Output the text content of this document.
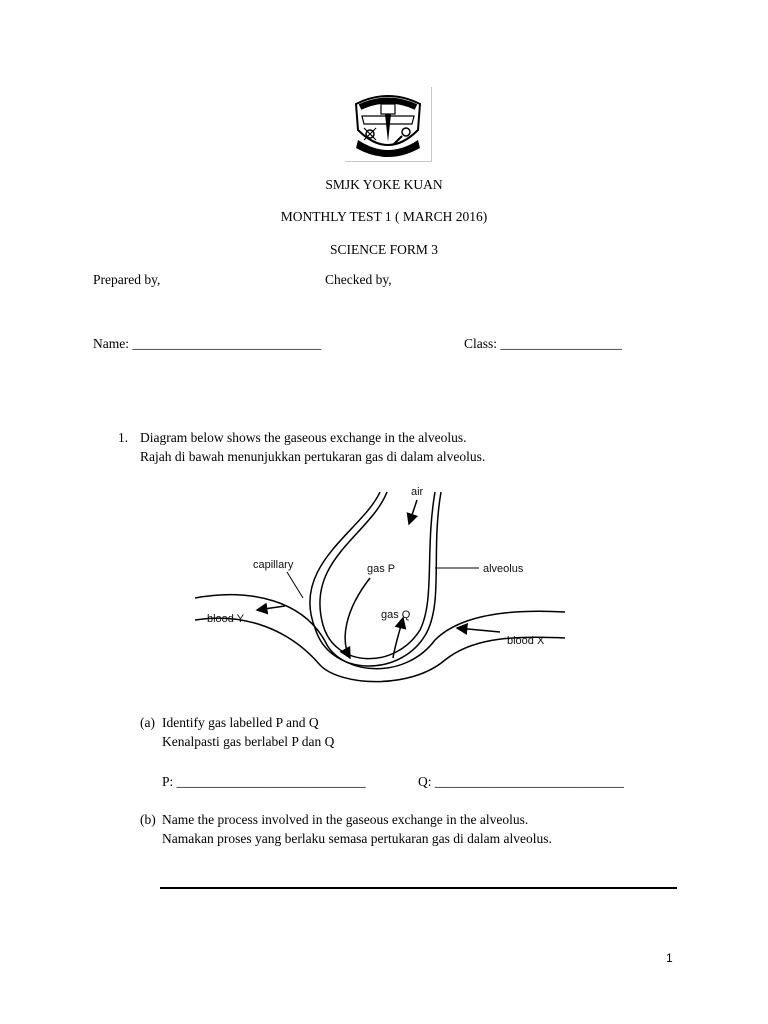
SMJK YOKE KUAN
MONTHLY TEST 1 ( MARCH 2016)
SCIENCE FORM 3
Prepared by,	Checked by,
Name: ____________________________	Class: __________________
1. Diagram below shows the gaseous exchange in the alveolus.
Rajah di bawah menunjukkan pertukaran gas di dalam alveolus.
air
capillary	gas P	alveolus
blood Y	gas Q
blood X
(a) Identify gas labelled P and Q
Kenalpasti gas berlabel P dan Q
P: ____________________________	Q: ____________________________
(b) Name the process involved in the gaseous exchange in the alveolus.
Namakan proses yang berlaku semasa pertukaran gas di dalam alveolus.
1
